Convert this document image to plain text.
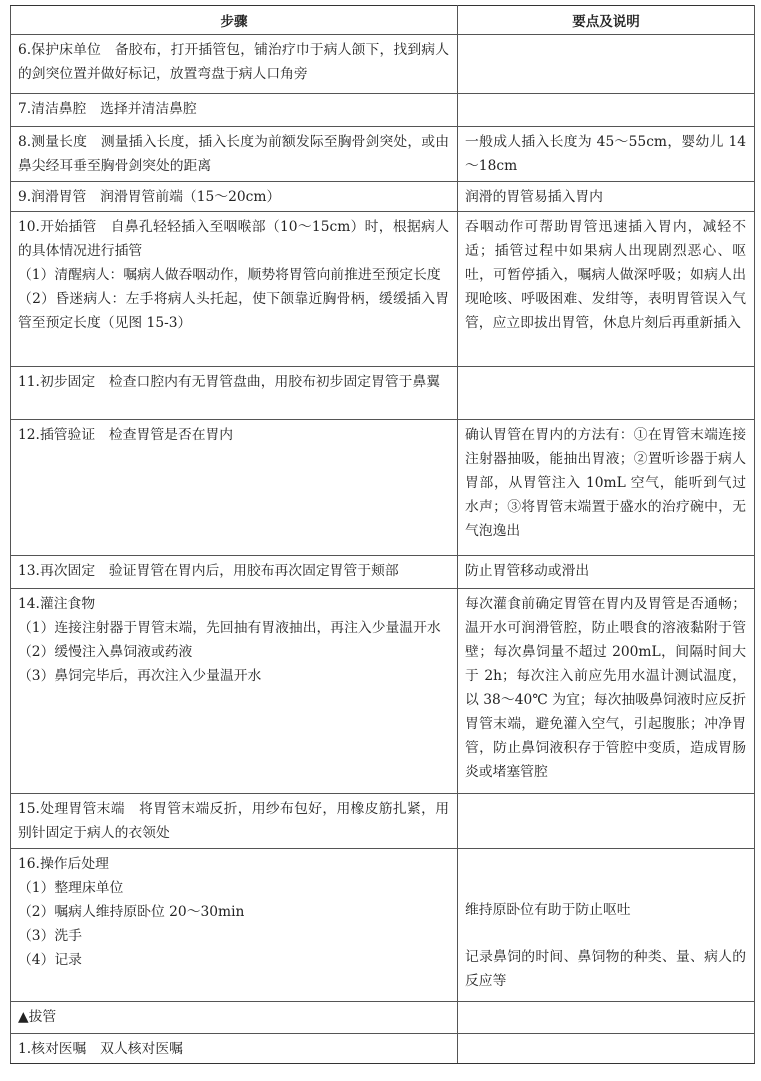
步骤	要点及说明

6.保护床单位　备胶布，打开插管包，铺治疗巾于病人颌下，找到病人的剑突位置并做好标记，放置弯盘于病人口角旁	

7.清洁鼻腔　选择并清洁鼻腔	

8.测量长度　测量插入长度，插入长度为前额发际至胸骨剑突处，或由鼻尖经耳垂至胸骨剑突处的距离	一般成人插入长度为 45～55cm，婴幼儿 14～18cm

9.润滑胃管　润滑胃管前端（15～20cm）	润滑的胃管易插入胃内

10.开始插管　自鼻孔轻轻插入至咽喉部（10～15cm）时，根据病人的具体情况进行插管
（1）清醒病人：嘱病人做吞咽动作，顺势将胃管向前推进至预定长度
（2）昏迷病人：左手将病人头托起，使下颌靠近胸骨柄，缓缓插入胃管至预定长度（见图 15-3）	吞咽动作可帮助胃管迅速插入胃内，减轻不适；插管过程中如果病人出现剧烈恶心、呕吐，可暂停插入，嘱病人做深呼吸；如病人出现呛咳、呼吸困难、发绀等，表明胃管误入气管，应立即拔出胃管，休息片刻后再重新插入

11.初步固定　检查口腔内有无胃管盘曲，用胶布初步固定胃管于鼻翼	

12.插管验证　检查胃管是否在胃内	确认胃管在胃内的方法有：①在胃管末端连接注射器抽吸，能抽出胃液；②置听诊器于病人胃部，从胃管注入 10mL 空气，能听到气过水声；③将胃管末端置于盛水的治疗碗中，无气泡逸出

13.再次固定　验证胃管在胃内后，用胶布再次固定胃管于颊部	防止胃管移动或滑出

14.灌注食物
（1）连接注射器于胃管末端，先回抽有胃液抽出，再注入少量温开水
（2）缓慢注入鼻饲液或药液
（3）鼻饲完毕后，再次注入少量温开水	每次灌食前确定胃管在胃内及胃管是否通畅；温开水可润滑管腔，防止喂食的溶液黏附于管壁；每次鼻饲量不超过 200mL，间隔时间大于 2h；每次注入前应先用水温计测试温度，以 38～40℃ 为宜；每次抽吸鼻饲液时应反折胃管末端，避免灌入空气，引起腹胀；冲净胃管，防止鼻饲液积存于管腔中变质，造成胃肠炎或堵塞管腔

15.处理胃管末端　将胃管末端反折，用纱布包好，用橡皮筋扎紧，用别针固定于病人的衣领处	

16.操作后处理
（1）整理床单位
（2）嘱病人维持原卧位 20～30min
（3）洗手
（4）记录	维持原卧位有助于防止呕吐
记录鼻饲的时间、鼻饲物的种类、量、病人的反应等

▲拔管	

1.核对医嘱　双人核对医嘱	
